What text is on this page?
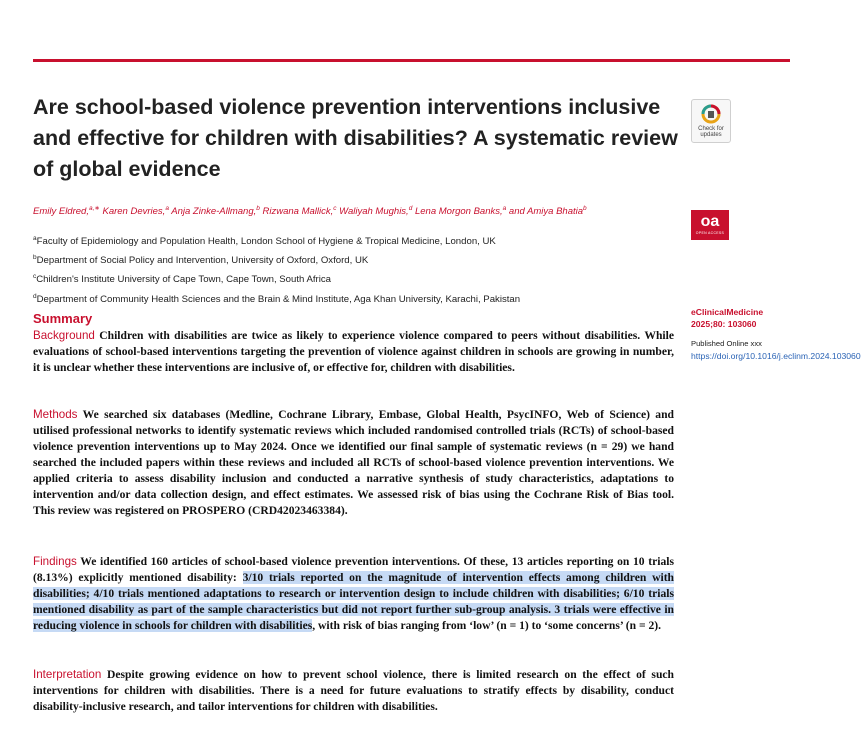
Are school-based violence prevention interventions inclusive and effective for children with disabilities? A systematic review of global evidence
Check for
updates
Emily Eldred,$^{a,∗}$ Karen Devries,$^a$ Anja Zinke-Allmang,$^b$ Rizwana Mallick,$^c$ Waliyah Mughis,$^d$ Lena Morgon Banks,$^a$ and Amiya Bhatia$^b$
oa
OPEN ACCESS
$^a$Faculty of Epidemiology and Population Health, London School of Hygiene & Tropical Medicine, London, UK
$^b$Department of Social Policy and Intervention, University of Oxford, Oxford, UK
$^c$Children's Institute University of Cape Town, Cape Town, South Africa
$^d$Department of Community Health Sciences and the Brain & Mind Institute, Aga Khan University, Karachi, Pakistan
eClinicalMedicine
2025;80: 103060
Published Online xxx
https://doi.org/10.1016/j.eclinm.2024.103060
Summary

Background Children with disabilities are twice as likely to experience violence compared to peers without disabilities. While evaluations of school-based interventions targeting the prevention of violence against children in schools are growing in number, it is unclear whether these interventions are inclusive of, or effective for, children with disabilities.

Methods We searched six databases (Medline, Cochrane Library, Embase, Global Health, PsycINFO, Web of Science) and utilised professional networks to identify systematic reviews which included randomised controlled trials (RCTs) of school-based violence prevention interventions up to May 2024. Once we identified our final sample of systematic reviews (n = 29) we hand searched the included papers within these reviews and included all RCTs of school-based violence prevention interventions. We applied criteria to assess disability inclusion and conducted a narrative synthesis of study characteristics, adaptations to intervention and/or data collection design, and effect estimates. We assessed risk of bias using the Cochrane Risk of Bias tool. This review was registered on PROSPERO (CRD42023463384).

Findings We identified 160 articles of school-based violence prevention interventions. Of these, 13 articles reporting on 10 trials (8.13%) explicitly mentioned disability: 3/10 trials reported on the magnitude of intervention effects among children with disabilities; 4/10 trials mentioned adaptations to research or intervention design to include children with disabilities; 6/10 trials mentioned disability as part of the sample characteristics but did not report further sub-group analysis. 3 trials were effective in reducing violence in schools for children with disabilities, with risk of bias ranging from ‘low’ (n = 1) to ‘some concerns’ (n = 2).

Interpretation Despite growing evidence on how to prevent school violence, there is limited research on the effect of such interventions for children with disabilities. There is a need for future evaluations to stratify effects by disability, conduct disability-inclusive research, and tailor interventions for children with disabilities.
